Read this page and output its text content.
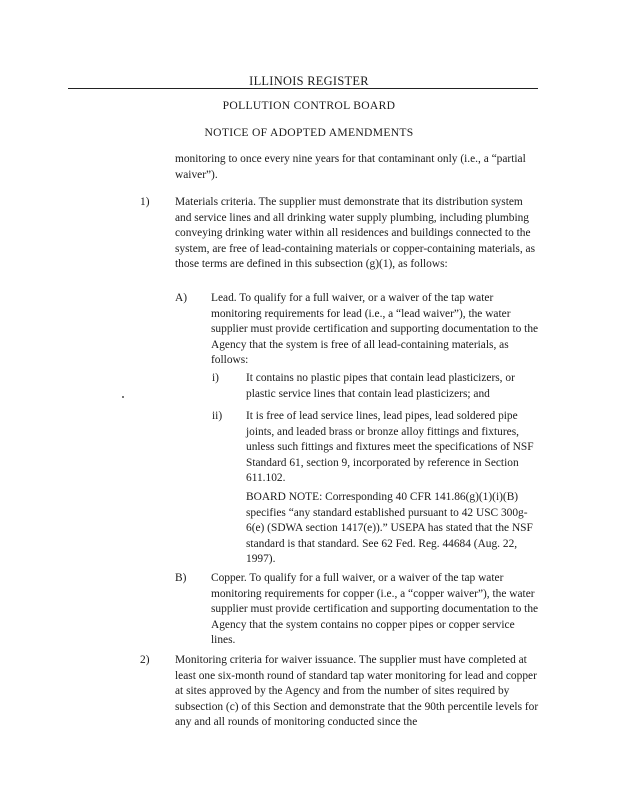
ILLINOIS REGISTER
POLLUTION CONTROL BOARD
NOTICE OF ADOPTED AMENDMENTS

monitoring to once every nine years for that contaminant only (i.e., a “partial waiver”).

1) Materials criteria. The supplier must demonstrate that its distribution system and service lines and all drinking water supply plumbing, including plumbing conveying drinking water within all residences and buildings connected to the system, are free of lead-containing materials or copper-containing materials, as those terms are defined in this subsection (g)(1), as follows:

A) Lead. To qualify for a full waiver, or a waiver of the tap water monitoring requirements for lead (i.e., a “lead waiver”), the water supplier must provide certification and supporting documentation to the Agency that the system is free of all lead-containing materials, as follows:

i) It contains no plastic pipes that contain lead plasticizers, or plastic service lines that contain lead plasticizers; and

ii) It is free of lead service lines, lead pipes, lead soldered pipe joints, and leaded brass or bronze alloy fittings and fixtures, unless such fittings and fixtures meet the specifications of NSF Standard 61, section 9, incorporated by reference in Section 611.102.

BOARD NOTE: Corresponding 40 CFR 141.86(g)(1)(i)(B) specifies “any standard established pursuant to 42 USC 300g-6(e) (SDWA section 1417(e)).” USEPA has stated that the NSF standard is that standard. See 62 Fed. Reg. 44684 (Aug. 22, 1997).

B) Copper. To qualify for a full waiver, or a waiver of the tap water monitoring requirements for copper (i.e., a “copper waiver”), the water supplier must provide certification and supporting documentation to the Agency that the system contains no copper pipes or copper service lines.

2) Monitoring criteria for waiver issuance. The supplier must have completed at least one six-month round of standard tap water monitoring for lead and copper at sites approved by the Agency and from the number of sites required by subsection (c) of this Section and demonstrate that the 90th percentile levels for any and all rounds of monitoring conducted since the
